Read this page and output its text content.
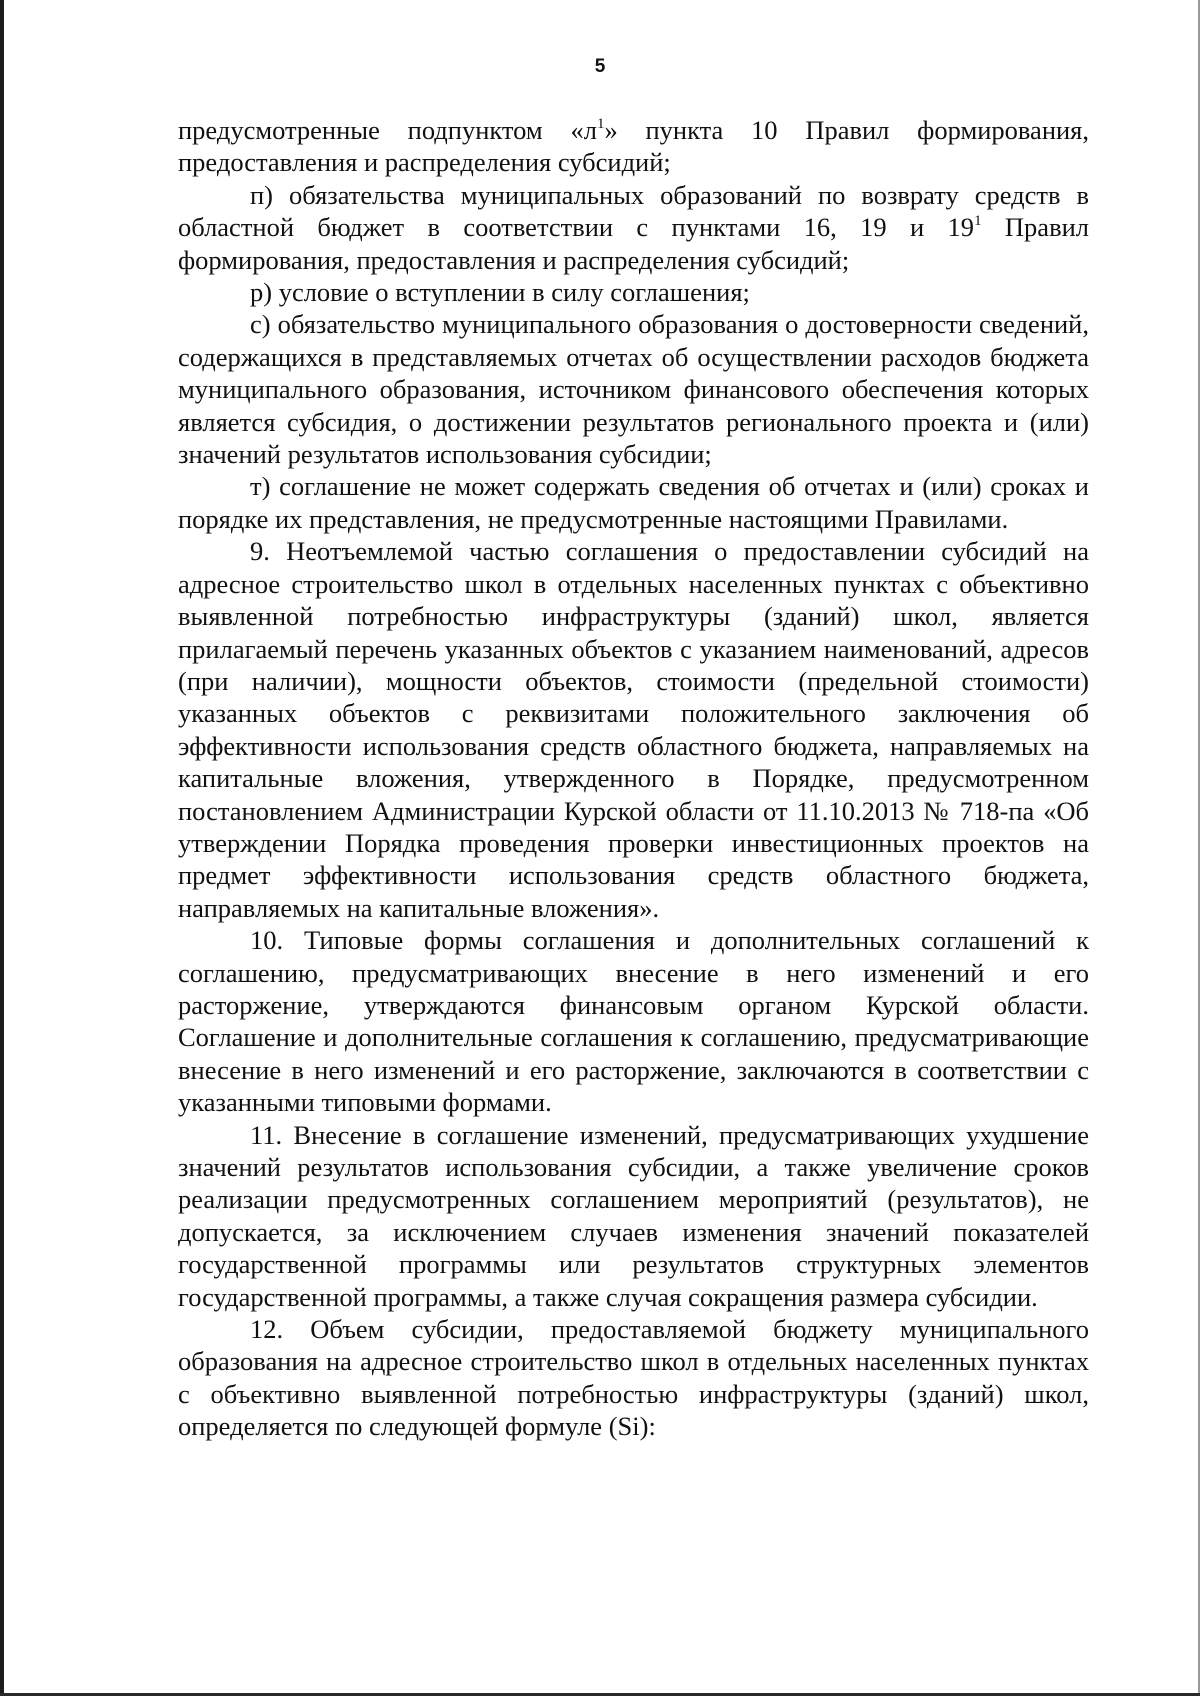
5

предусмотренные подпунктом «$л^1$» пункта 10 Правил формирования, предоставления и распределения субсидий;

п) обязательства муниципальных образований по возврату средств в областной бюджет в соответствии с пунктами 16, 19 и $19^1$ Правил формирования, предоставления и распределения субсидий;

р) условие о вступлении в силу соглашения;

с) обязательство муниципального образования о достоверности сведений, содержащихся в представляемых отчетах об осуществлении расходов бюджета муниципального образования, источником финансового обеспечения которых является субсидия, о достижении результатов регионального проекта и (или) значений результатов использования субсидии;

т) соглашение не может содержать сведения об отчетах и (или) сроках и порядке их представления, не предусмотренные настоящими Правилами.

9. Неотъемлемой частью соглашения о предоставлении субсидий на адресное строительство школ в отдельных населенных пунктах с объективно выявленной потребностью инфраструктуры (зданий) школ, является прилагаемый перечень указанных объектов с указанием наименований, адресов (при наличии), мощности объектов, стоимости (предельной стоимости) указанных объектов с реквизитами положительного заключения об эффективности использования средств областного бюджета, направляемых на капитальные вложения, утвержденного в Порядке, предусмотренном постановлением Администрации Курской области от 11.10.2013 № 718-па «Об утверждении Порядка проведения проверки инвестиционных проектов на предмет эффективности использования средств областного бюджета, направляемых на капитальные вложения».

10. Типовые формы соглашения и дополнительных соглашений к соглашению, предусматривающих внесение в него изменений и его расторжение, утверждаются финансовым органом Курской области. Соглашение и дополнительные соглашения к соглашению, предусматривающие внесение в него изменений и его расторжение, заключаются в соответствии с указанными типовыми формами.

11. Внесение в соглашение изменений, предусматривающих ухудшение значений результатов использования субсидии, а также увеличение сроков реализации предусмотренных соглашением мероприятий (результатов), не допускается, за исключением случаев изменения значений показателей государственной программы или результатов структурных элементов государственной программы, а также случая сокращения размера субсидии.

12. Объем субсидии, предоставляемой бюджету муниципального образования на адресное строительство школ в отдельных населенных пунктах с объективно выявленной потребностью инфраструктуры (зданий) школ, определяется по следующей формуле (Si):
